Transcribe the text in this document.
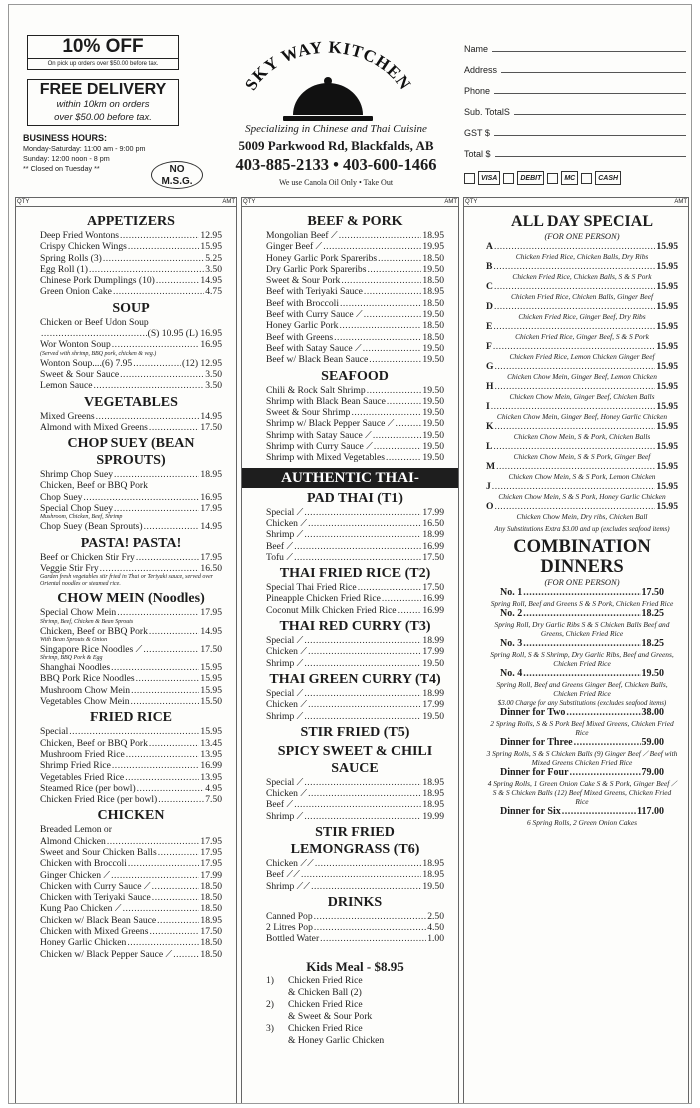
10% OFF
On pick up orders over $50.00 before tax.
FREE DELIVERY
within 10km on orders
over $50.00 before tax.
BUSINESS HOURS:
Monday-Saturday: 11:00 am - 9:00 pm
Sunday: 12:00 noon - 8 pm
** Closed on Tuesday **	NO
M.S.G.
SKY WAY KITCHEN
Specializing in Chinese and Thai Cuisine
5009 Parkwood Rd, Blackfalds, AB
403-885-2133 • 403-600-1466
We use Canola Oil Only • Take Out
Name
Address
Phone
Sub. TotalS
GST $
Total $
VISA	DEBIT	MC	CASH
QTY	AMT
APPETIZERS
Deep Fried Wontons .....	12.95
Crispy Chicken Wings .....	15.95
Spring Rolls (3) .....	5.25
Egg Roll (1) .....	3.50
Chinese Pork Dumplings (10) .....	14.95
Green Onion Cake .....	4.75
SOUP
Chicken or Beef Udon Soup
.....
(S) 10.95 (L) 16.95
Wor Wonton Soup .....	16.95
(Served with shrimp, BBQ pork, chicken & veg.)
Wonton Soup....(6) 7.95 .....	(12) 12.95
Sweet & Sour Sauce .....	3.50
Lemon Sauce .....	3.50
VEGETABLES
Mixed Greens .....	14.95
Almond with Mixed Greens .....	17.50
CHOP SUEY (BEAN SPROUTS)
Shrimp Chop Suey .....	18.95
Chicken, Beef or BBQ Pork
Chop Suey .....	16.95
Special Chop Suey .....	17.95
Mushroom, Chicken, Beef, Shrimp
Chop Suey (Bean Sprouts) .....	14.95
PASTA! PASTA!
Beef or Chicken Stir Fry .....	17.95
Veggie Stir Fry .....	16.50
Garden fresh vegetables stir fried in Thai or Teriyaki sauce, served over Oriental noodles or steamed rice.
CHOW MEIN (Noodles)
Special Chow Mein .....	17.95
Shrimp, Beef, Chicken & Bean Sprouts
Chicken, Beef or BBQ Pork .....	14.95
With Bean Sprouts & Onion
Singapore Rice Noodles ⟋ .....	17.50
Shrimp, BBQ Pork & Egg
Shanghai Noodles .....	15.95
BBQ Pork Rice Noodles .....	15.95
Mushroom Chow Mein .....	15.95
Vegetables Chow Mein .....	15.50
FRIED RICE
Special .....	15.95
Chicken, Beef or BBQ Pork .....	13.45
Mushroom Fried Rice .....	13.95
Shrimp Fried Rice .....	16.99
Vegetables Fried Rice .....	13.95
Steamed Rice (per bowl) .....	4.95
Chicken Fried Rice (per bowl) .....	7.50
CHICKEN
Breaded Lemon or
Almond Chicken .....	17.95
Sweet and Sour Chicken Balls .....	17.95
Chicken with Broccoli .....	17.95
Ginger Chicken ⟋ .....	17.99
Chicken with Curry Sauce ⟋ .....	18.50
Chicken with Teriyaki Sauce .....	18.50
Kung Pao Chicken ⟋ .....	18.50
Chicken w/ Black Bean Sauce .....	18.95
Chicken with Mixed Greens .....	17.50
Honey Garlic Chicken .....	18.50
Chicken w/ Black Pepper Sauce ⟋ .....	18.50
QTY	AMT
BEEF & PORK
Mongolian Beef ⟋ .....	18.95
Ginger Beef ⟋ .....	19.95
Honey Garlic Pork Spareribs .....	18.50
Dry Garlic Pork Spareribs .....	19.50
Sweet & Sour Pork .....	18.50
Beef with Teriyaki Sauce .....	18.95
Beef with Broccoli .....	18.50
Beef with Curry Sauce ⟋ .....	19.50
Honey Garlic Pork .....	18.50
Beef with Greens .....	18.50
Beef with Satay Sauce ⟋ .....	19.50
Beef w/ Black Bean Sauce .....	19.50
SEAFOOD
Chili & Rock Salt Shrimp .....	19.50
Shrimp with Black Bean Sauce .....	19.50
Sweet & Sour Shrimp .....	19.50
Shrimp w/ Black Pepper Sauce ⟋ .....	19.50
Shrimp with Satay Sauce ⟋ .....	19.50
Shrimp with Curry Sauce ⟋ .....	19.50
Shrimp with Mixed Vegetables .....	19.50
AUTHENTIC THAI-
PAD THAI (T1)
Special ⟋ .....	17.99
Chicken ⟋ .....	16.50
Shrimp ⟋ .....	18.99
Beef ⟋ .....	16.99
Tofu ⟋ .....	17.50
THAI FRIED RICE (T2)
Special Thai Fried Rice .....	17.50
Pineapple Chicken Fried Rice .....	16.99
Coconut Milk Chicken Fried Rice .....	16.99
THAI RED CURRY (T3)
Special ⟋ .....	18.99
Chicken ⟋ .....	17.99
Shrimp ⟋ .....	19.50
THAI GREEN CURRY (T4)
Special ⟋ .....	18.99
Chicken ⟋ .....	17.99
Shrimp ⟋ .....	19.50
STIR FRIED (T5)
SPICY SWEET & CHILI SAUCE
Special ⟋ .....	18.95
Chicken ⟋ .....	18.95
Beef ⟋ .....	18.95
Shrimp ⟋ .....	19.99
STIR FRIED LEMONGRASS (T6)
Chicken ⟋⟋ .....	18.95
Beef ⟋⟋ .....	18.95
Shrimp ⟋⟋ .....	19.50
DRINKS
Canned Pop .....	2.50
2 Litres Pop .....	4.50
Bottled Water .....	1.00
Kids Meal - $8.95
1)	Chicken Fried Rice
& Chicken Ball (2)
2)	Chicken Fried Rice
& Sweet & Sour Pork
3)	Chicken Fried Rice
& Honey Garlic Chicken
QTY	AMT
ALL DAY SPECIAL
(FOR ONE PERSON)
A .....	15.95
Chicken Fried Rice, Chicken Balls, Dry Ribs
B .....	15.95
Chicken Fried Rice, Chicken Balls, S & S Pork
C .....	15.95
Chicken Fried Rice, Chicken Balls, Ginger Beef
D .....	15.95
Chicken Fried Rice, Ginger Beef, Dry Ribs
E .....	15.95
Chicken Fried Rice, Ginger Beef, S & S Pork
F .....	15.95
Chicken Fried Rice, Lemon Chicken Ginger Beef
G .....	15.95
Chicken Chow Mein, Ginger Beef, Lemon Chicken
H .....	15.95
Chicken Chow Mein, Ginger Beef, Chicken Balls
I .....	15.95
Chicken Chow Mein, Ginger Beef, Honey Garlic Chicken
K .....	15.95
Chicken Chow Mein, S & Pork, Chicken Balls
L .....	15.95
Chicken Chow Mein, S & S Pork, Ginger Beef
M .....	15.95
Chicken Chow Mein, S & S Pork, Lemon Chicken
J .....	15.95
Chicken Chow Mein, S & S Pork, Honey Garlic Chicken
O .....	15.95
Chicken Chow Mein, Dry ribs, Chicken Ball
Any Substitutions Extra $3.00 and up (excludes seafood items)
COMBINATION
DINNERS
(FOR ONE PERSON)
No. 1 .....	17.50
Spring Roll, Beef and Greens S & S Pork, Chicken Fried Rice
No. 2 .....	18.25
Spring Roll, Dry Garlic Ribs S & S Chicken Balls Beef and Greens, Chicken Fried Rice
No. 3 .....	18.25
Spring Roll, S & S Shrimp, Dry Garlic Ribs, Beef and Greens, Chicken Fried Rice
No. 4 .....	19.50
Spring Roll, Beef and Greens Ginger Beef, Chicken Balls, Chicken Fried Rice
$3.00 Charge for any Substitutions (excludes seafood items)
Dinner for Two .....	38.00
2 Spring Rolls, S & S Pork Beef Mixed Greens, Chicken Fried Rice
Dinner for Three .....	59.00
3 Spring Rolls, S & S Chicken Balls (9) Ginger Beef ⟋ Beef with Mixed Greens Chicken Fried Rice
Dinner for Four .....	79.00
4 Spring Rolls, 1 Green Onion Cake S & S Pork, Ginger Beef ⟋ S & S Chicken Balls (12) Beef Mixed Greens, Chicken Fried Rice
Dinner for Six .....	117.00
6 Spring Rolls, 2 Green Onion Cakes
